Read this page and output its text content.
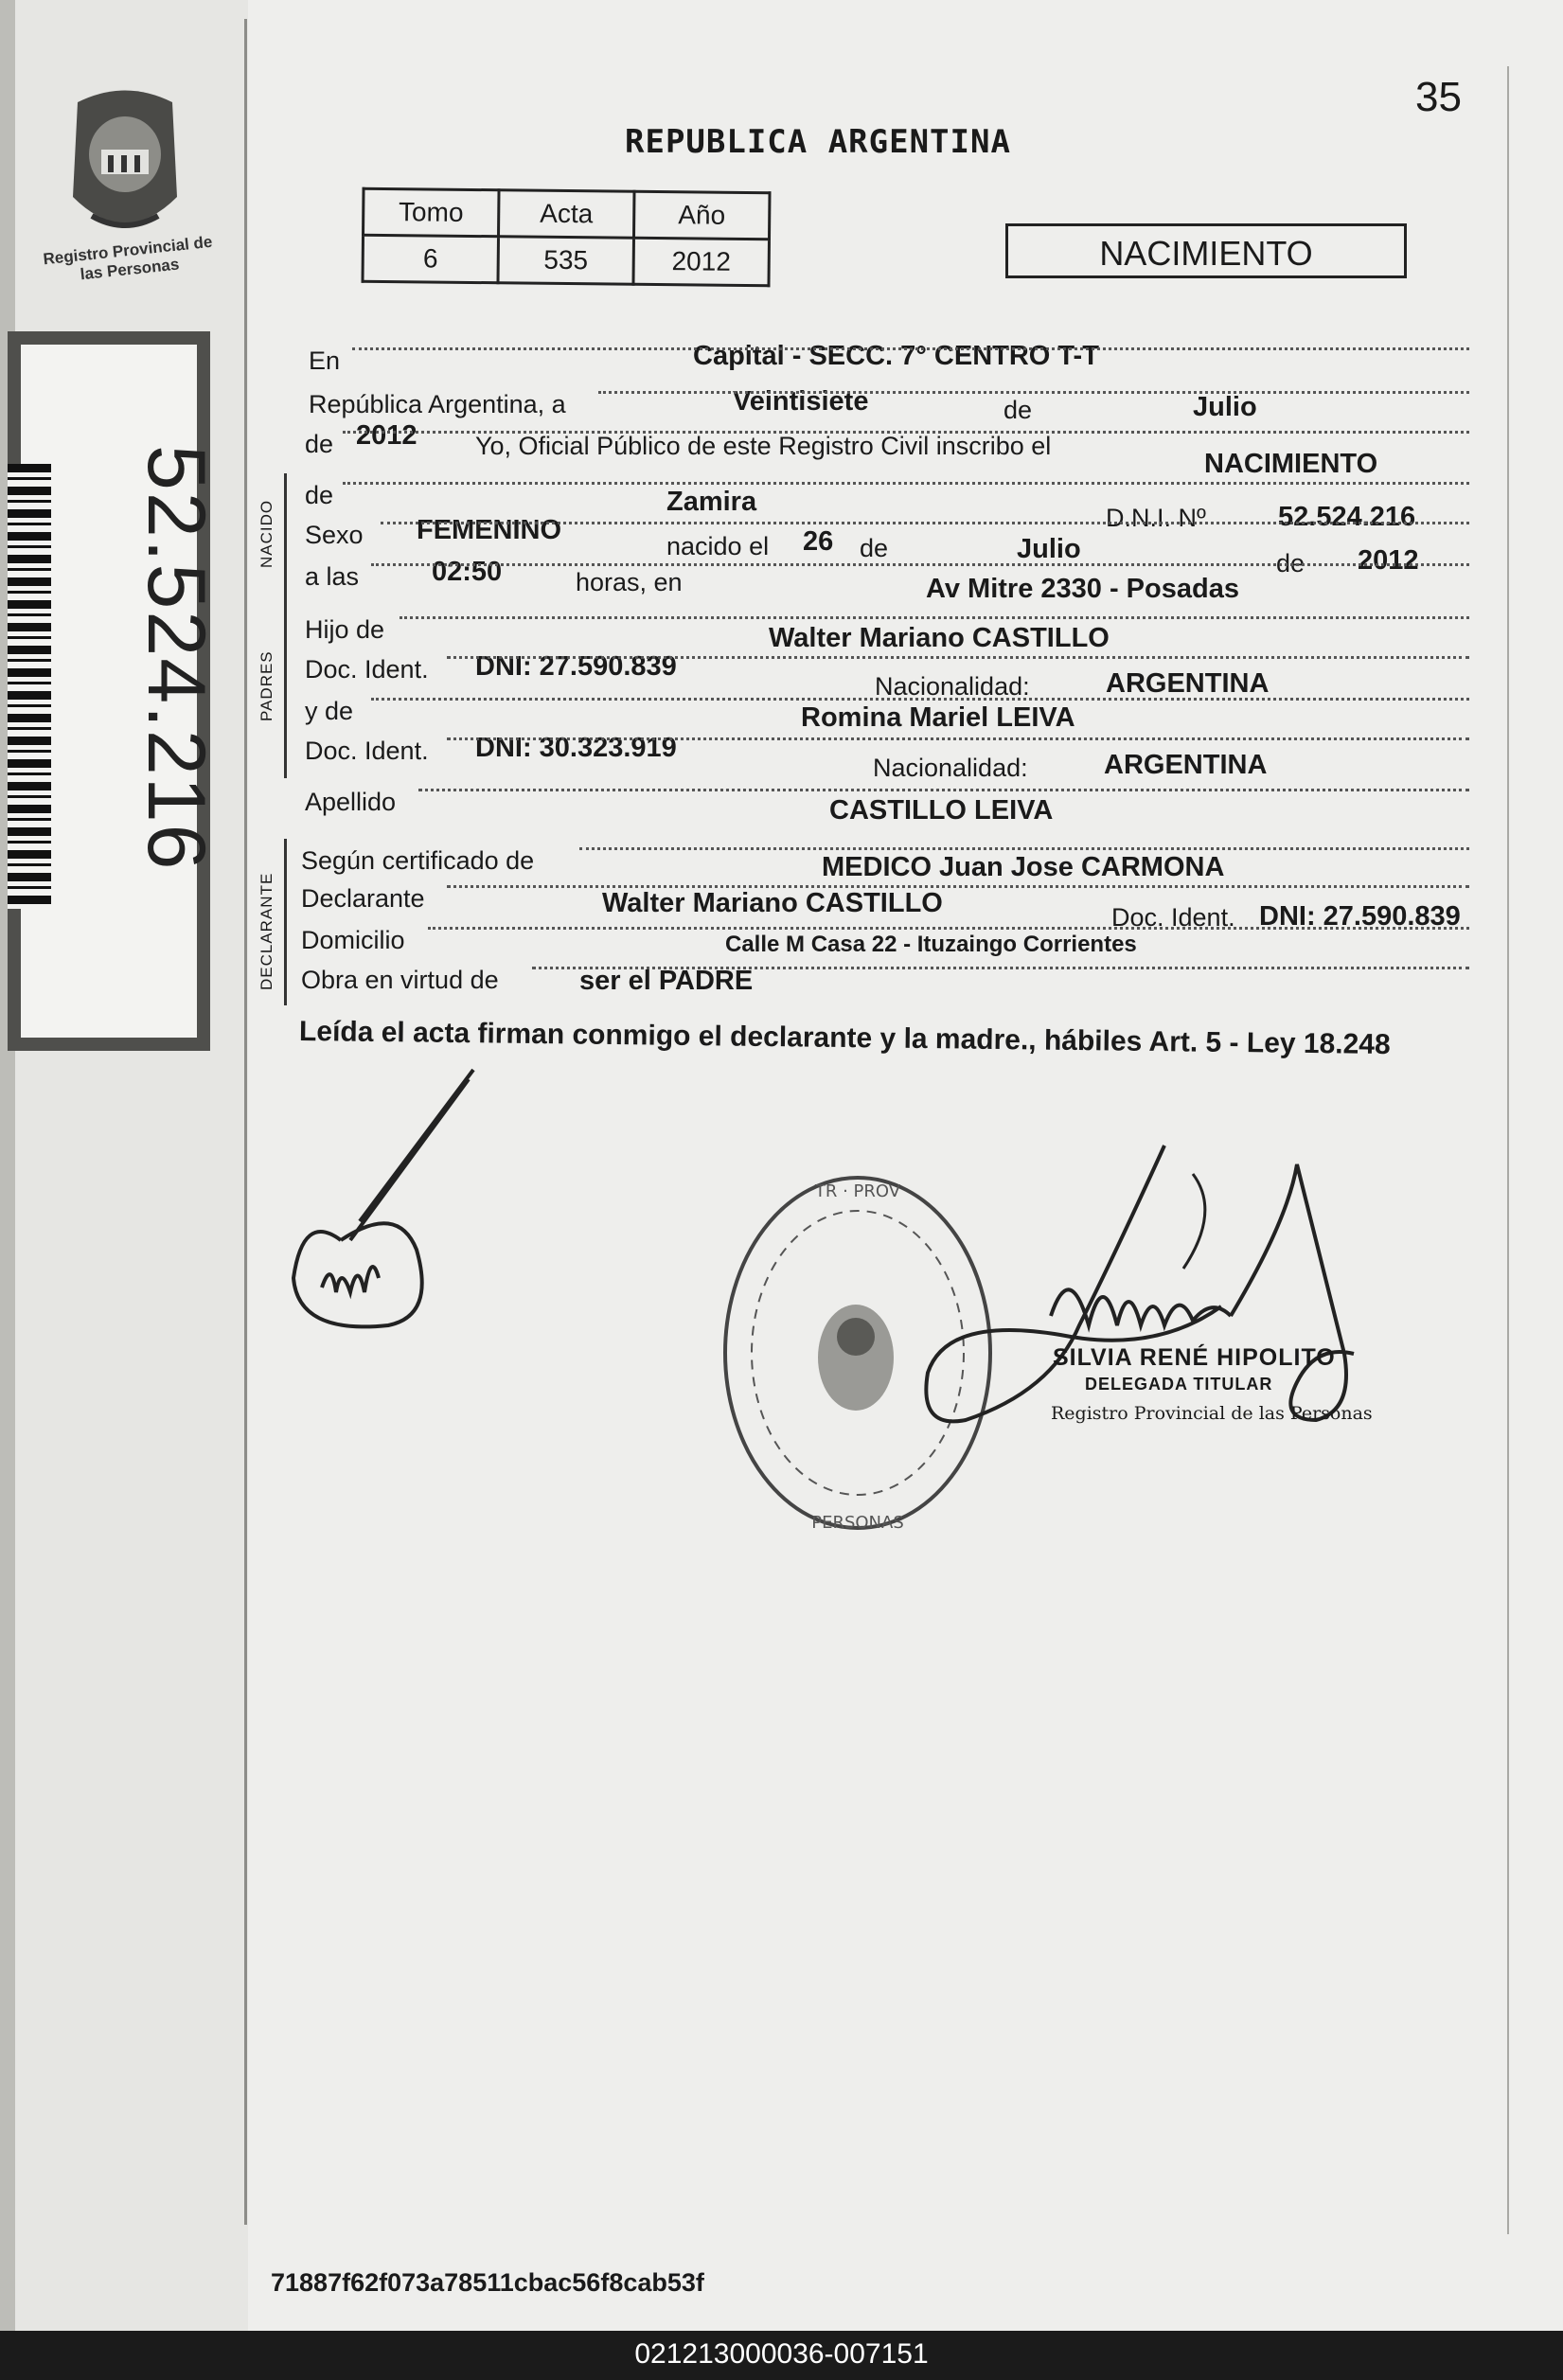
Registro Provincial de las Personas
52.524.216
35
REPUBLICA ARGENTINA
Tomo	Acta	Año
6	535	2012	NACIMIENTO
NACIDO
PADRES
DECLARANTE
En	Capital - SECC. 7° CENTRO T-T
República Argentina, a	Veintisiete	de	Julio
de 2012 Yo, Oficial Público de este Registro Civil inscribo el
NACIMIENTO
de	Zamira
D.N.I. Nº	52.524.216
Sexo FEMENINO
nacido el 26 de	Julio	de 2012
a las	02:50	horas, en	Av Mitre 2330 - Posadas
Hijo de	Walter Mariano CASTILLO
Doc. Ident. DNI: 27.590.839
Nacionalidad:	ARGENTINA
y de	Romina Mariel LEIVA
Doc. Ident. DNI: 30.323.919
Nacionalidad:	ARGENTINA
Apellido	CASTILLO LEIVA
Según certificado de	MEDICO Juan Jose CARMONA
Declarante	Walter Mariano CASTILLO	Doc. Ident. DNI: 27.590.839
Domicilio	Calle M Casa 22 - Ituzaingo Corrientes
Obra en virtud de	ser el PADRE
Leída el acta firman conmigo el declarante y la madre., hábiles Art. 5 - Ley 18.248
TR · PROV
PERSONAS
SILVIA RENÉ HIPOLITO
DELEGADA TITULAR
Registro Provincial de las Personas
71887f62f073a78511cbac56f8cab53f
021213000036-007151
